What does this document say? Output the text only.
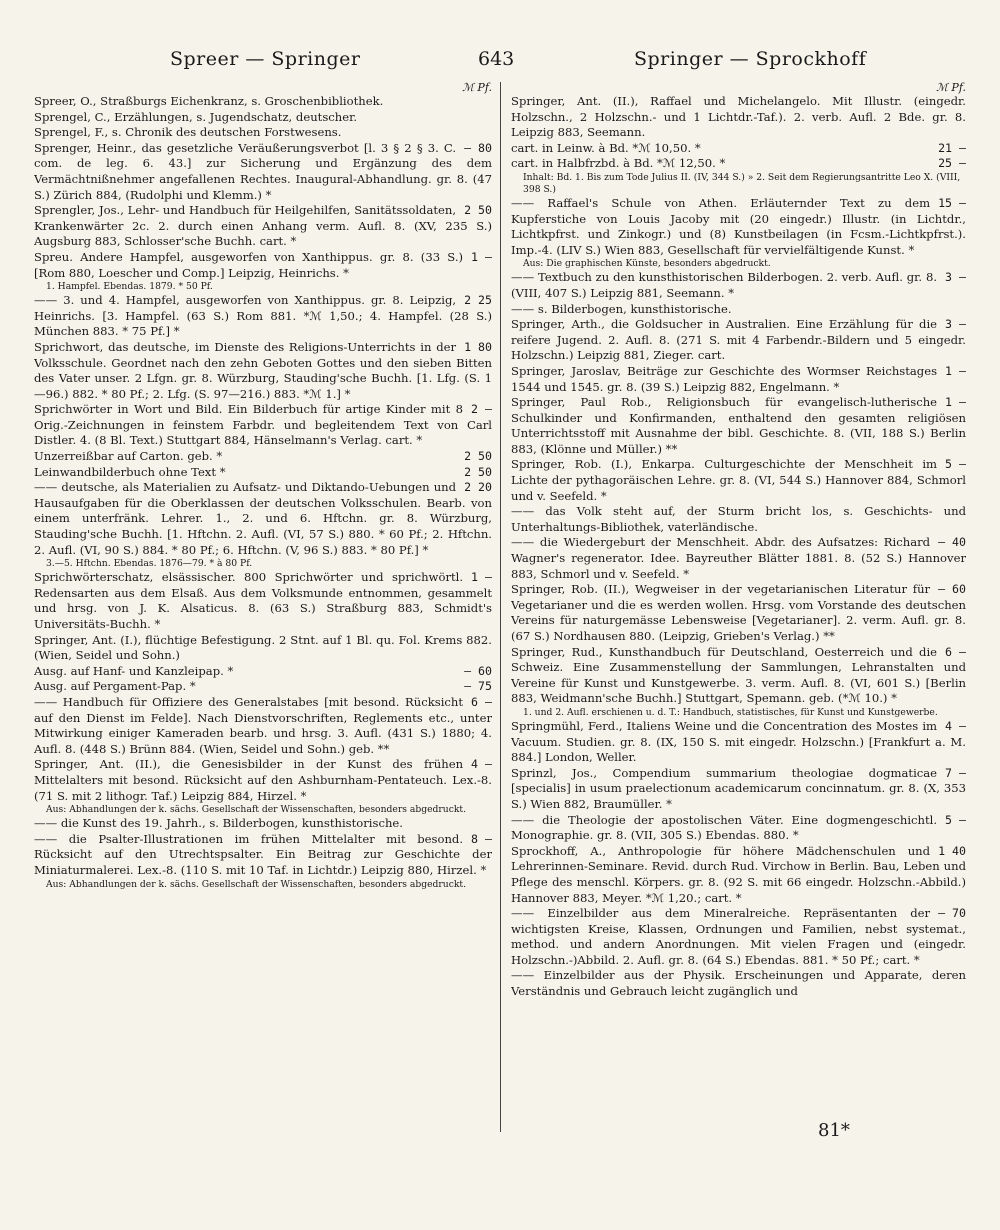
Spreer — Springer	643	Springer — Sprockhoff
ℳ Pf.

Spreer, O., Straßburgs Eichenkranz, s. Groschenbibliothek.

Sprengel, C., Erzählungen, s. Jugendschatz, deutscher.

Sprengel, F., s. Chronik des deutschen Forstwesens.

— 80
Sprenger, Heinr., das gesetzliche Veräußerungsverbot [l. 3 § 2 § 3. C. com. de leg. 6. 43.] zur Sicherung und Ergänzung des dem Vermächtnißnehmer angefallenen Rechtes. Inaugural-Abhandlung. gr. 8. (47 S.) Zürich 884, (Rudolphi und Klemm.) *

2 50
Sprengler, Jos., Lehr- und Handbuch für Heilgehilfen, Sanitätssoldaten, Krankenwärter 2c. 2. durch einen Anhang verm. Aufl. 8. (XV, 235 S.) Augsburg 883, Schlosser'sche Buchh. cart. *

1 —
Spreu. Andere Hampfel, ausgeworfen von Xanthippus. gr. 8. (33 S.) [Rom 880, Loescher und Comp.] Leipzig, Heinrichs. *

1. Hampfel. Ebendas. 1879. * 50 Pf.

2 25
—— 3. und 4. Hampfel, ausgeworfen von Xanthippus. gr. 8. Leipzig, Heinrichs. [3. Hampfel. (63 S.) Rom 881. *ℳ 1,50.; 4. Hampfel. (28 S.) München 883. * 75 Pf.] *

1 80
Sprichwort, das deutsche, im Dienste des Religions-Unterrichts in der Volksschule. Geordnet nach den zehn Geboten Gottes und den sieben Bitten des Vater unser. 2 Lfgn. gr. 8. Würzburg, Stauding'sche Buchh. [1. Lfg. (S. 1—96.) 882. * 80 Pf.; 2. Lfg. (S. 97—216.) 883. *ℳ 1.] *

2 —
Sprichwörter in Wort und Bild. Ein Bilderbuch für artige Kinder mit 8 Orig.-Zeichnungen in feinstem Farbdr. und begleitendem Text von Carl Distler. 4. (8 Bl. Text.) Stuttgart 884, Hänselmann's Verlag. cart. *

2 50
Unzerreißbar auf Carton. geb. *

2 50
Leinwandbilderbuch ohne Text *

2 20
—— deutsche, als Materialien zu Aufsatz- und Diktando-Uebungen und Hausaufgaben für die Oberklassen der deutschen Volksschulen. Bearb. von einem unterfränk. Lehrer. 1., 2. und 6. Hftchn. gr. 8. Würzburg, Stauding'sche Buchh. [1. Hftchn. 2. Aufl. (VI, 57 S.) 880. * 60 Pf.; 2. Hftchn. 2. Aufl. (VI, 90 S.) 884. * 80 Pf.; 6. Hftchn. (V, 96 S.) 883. * 80 Pf.] *

3.—5. Hftchn. Ebendas. 1876—79. * à 80 Pf.

1 —
Sprichwörterschatz, elsässischer. 800 Sprichwörter und sprichwörtl. Redensarten aus dem Elsaß. Aus dem Volksmunde entnommen, gesammelt und hrsg. von J. K. Alsaticus. 8. (63 S.) Straßburg 883, Schmidt's Universitäts-Buchh. *

Springer, Ant. (I.), flüchtige Befestigung. 2 Stnt. auf 1 Bl. qu. Fol. Krems 882. (Wien, Seidel und Sohn.)

— 60
Ausg. auf Hanf- und Kanzleipap. *

— 75
Ausg. auf Pergament-Pap. *

6 —
—— Handbuch für Offiziere des Generalstabes [mit besond. Rücksicht auf den Dienst im Felde]. Nach Dienstvorschriften, Reglements etc., unter Mitwirkung einiger Kameraden bearb. und hrsg. 3. Aufl. (431 S.) 1880; 4. Aufl. 8. (448 S.) Brünn 884. (Wien, Seidel und Sohn.) geb. **

4 —
Springer, Ant. (II.), die Genesisbilder in der Kunst des frühen Mittelalters mit besond. Rücksicht auf den Ashburnham-Pentateuch. Lex.-8. (71 S. mit 2 lithogr. Taf.) Leipzig 884, Hirzel. *

Aus: Abhandlungen der k. sächs. Gesellschaft der Wissenschaften, besonders abgedruckt.

—— die Kunst des 19. Jahrh., s. Bilderbogen, kunsthistorische.

8 —
—— die Psalter-Illustrationen im frühen Mittelalter mit besond. Rücksicht auf den Utrechtspsalter. Ein Beitrag zur Geschichte der Miniaturmalerei. Lex.-8. (110 S. mit 10 Taf. in Lichtdr.) Leipzig 880, Hirzel. *

Aus: Abhandlungen der k. sächs. Gesellschaft der Wissenschaften, besonders abgedruckt.
ℳ Pf.

Springer, Ant. (II.), Raffael und Michelangelo. Mit Illustr. (eingedr. Holzschn., 2 Holzschn.- und 1 Lichtdr.-Taf.). 2. verb. Aufl. 2 Bde. gr. 8. Leipzig 883, Seemann.

21 —
cart. in Leinw. à Bd. *ℳ 10,50. *

25 —
cart. in Halbfrzbd. à Bd. *ℳ 12,50. *

Inhalt: Bd. 1. Bis zum Tode Julius II. (IV, 344 S.) » 2. Seit dem Regierungsantritte Leo X. (VIII, 398 S.)

15 —
—— Raffael's Schule von Athen. Erläuternder Text zu dem Kupferstiche von Louis Jacoby mit (20 eingedr.) Illustr. (in Lichtdr., Lichtkpfrst. und Zinkogr.) und (8) Kunstbeilagen (in Fcsm.-Lichtkpfrst.). Imp.-4. (LIV S.) Wien 883, Gesellschaft für vervielfältigende Kunst. *

Aus: Die graphischen Künste, besonders abgedruckt.

3 —
—— Textbuch zu den kunsthistorischen Bilderbogen. 2. verb. Aufl. gr. 8. (VIII, 407 S.) Leipzig 881, Seemann. *

—— s. Bilderbogen, kunsthistorische.

3 —
Springer, Arth., die Goldsucher in Australien. Eine Erzählung für die reifere Jugend. 2. Aufl. 8. (271 S. mit 4 Farbendr.-Bildern und 5 eingedr. Holzschn.) Leipzig 881, Zieger. cart.

1 —
Springer, Jaroslav, Beiträge zur Geschichte des Wormser Reichstages 1544 und 1545. gr. 8. (39 S.) Leipzig 882, Engelmann. *

1 —
Springer, Paul Rob., Religionsbuch für evangelisch-lutherische Schulkinder und Konfirmanden, enthaltend den gesamten religiösen Unterrichtsstoff mit Ausnahme der bibl. Geschichte. 8. (VII, 188 S.) Berlin 883, (Klönne und Müller.) **

5 —
Springer, Rob. (I.), Enkarpa. Culturgeschichte der Menschheit im Lichte der pythagoräischen Lehre. gr. 8. (VI, 544 S.) Hannover 884, Schmorl und v. Seefeld. *

—— das Volk steht auf, der Sturm bricht los, s. Geschichts- und Unterhaltungs-Bibliothek, vaterländische.

— 40
—— die Wiedergeburt der Menschheit. Abdr. des Aufsatzes: Richard Wagner's regenerator. Idee. Bayreuther Blätter 1881. 8. (52 S.) Hannover 883, Schmorl und v. Seefeld. *

— 60
Springer, Rob. (II.), Wegweiser in der vegetarianischen Literatur für Vegetarianer und die es werden wollen. Hrsg. vom Vorstande des deutschen Vereins für naturgemässe Lebensweise [Vegetarianer]. 2. verm. Aufl. gr. 8. (67 S.) Nordhausen 880. (Leipzig, Grieben's Verlag.) **

6 —
Springer, Rud., Kunsthandbuch für Deutschland, Oesterreich und die Schweiz. Eine Zusammenstellung der Sammlungen, Lehranstalten und Vereine für Kunst und Kunstgewerbe. 3. verm. Aufl. 8. (VI, 601 S.) [Berlin 883, Weidmann'sche Buchh.] Stuttgart, Spemann. geb. (*ℳ 10.) *

1. und 2. Aufl. erschienen u. d. T.: Handbuch, statistisches, für Kunst und Kunstgewerbe.

4 —
Springmühl, Ferd., Italiens Weine und die Concentration des Mostes im Vacuum. Studien. gr. 8. (IX, 150 S. mit eingedr. Holzschn.) [Frankfurt a. M. 884.] London, Weller.

7 —
Sprinzl, Jos., Compendium summarium theologiae dogmaticae [specialis] in usum praelectionum academicarum concinnatum. gr. 8. (X, 353 S.) Wien 882, Braumüller. *

5 —
—— die Theologie der apostolischen Väter. Eine dogmengeschichtl. Monographie. gr. 8. (VII, 305 S.) Ebendas. 880. *

1 40
Sprockhoff, A., Anthropologie für höhere Mädchenschulen und Lehrerinnen-Seminare. Revid. durch Rud. Virchow in Berlin. Bau, Leben und Pflege des menschl. Körpers. gr. 8. (92 S. mit 66 eingedr. Holzschn.-Abbild.) Hannover 883, Meyer. *ℳ 1,20.; cart. *

— 70
—— Einzelbilder aus dem Mineralreiche. Repräsentanten der wichtigsten Kreise, Klassen, Ordnungen und Familien, nebst systemat., method. und andern Anordnungen. Mit vielen Fragen und (eingedr. Holzschn.-)Abbild. 2. Aufl. gr. 8. (64 S.) Ebendas. 881. * 50 Pf.; cart. *

—— Einzelbilder aus der Physik. Erscheinungen und Apparate, deren Verständnis und Gebrauch leicht zugänglich und

81*
